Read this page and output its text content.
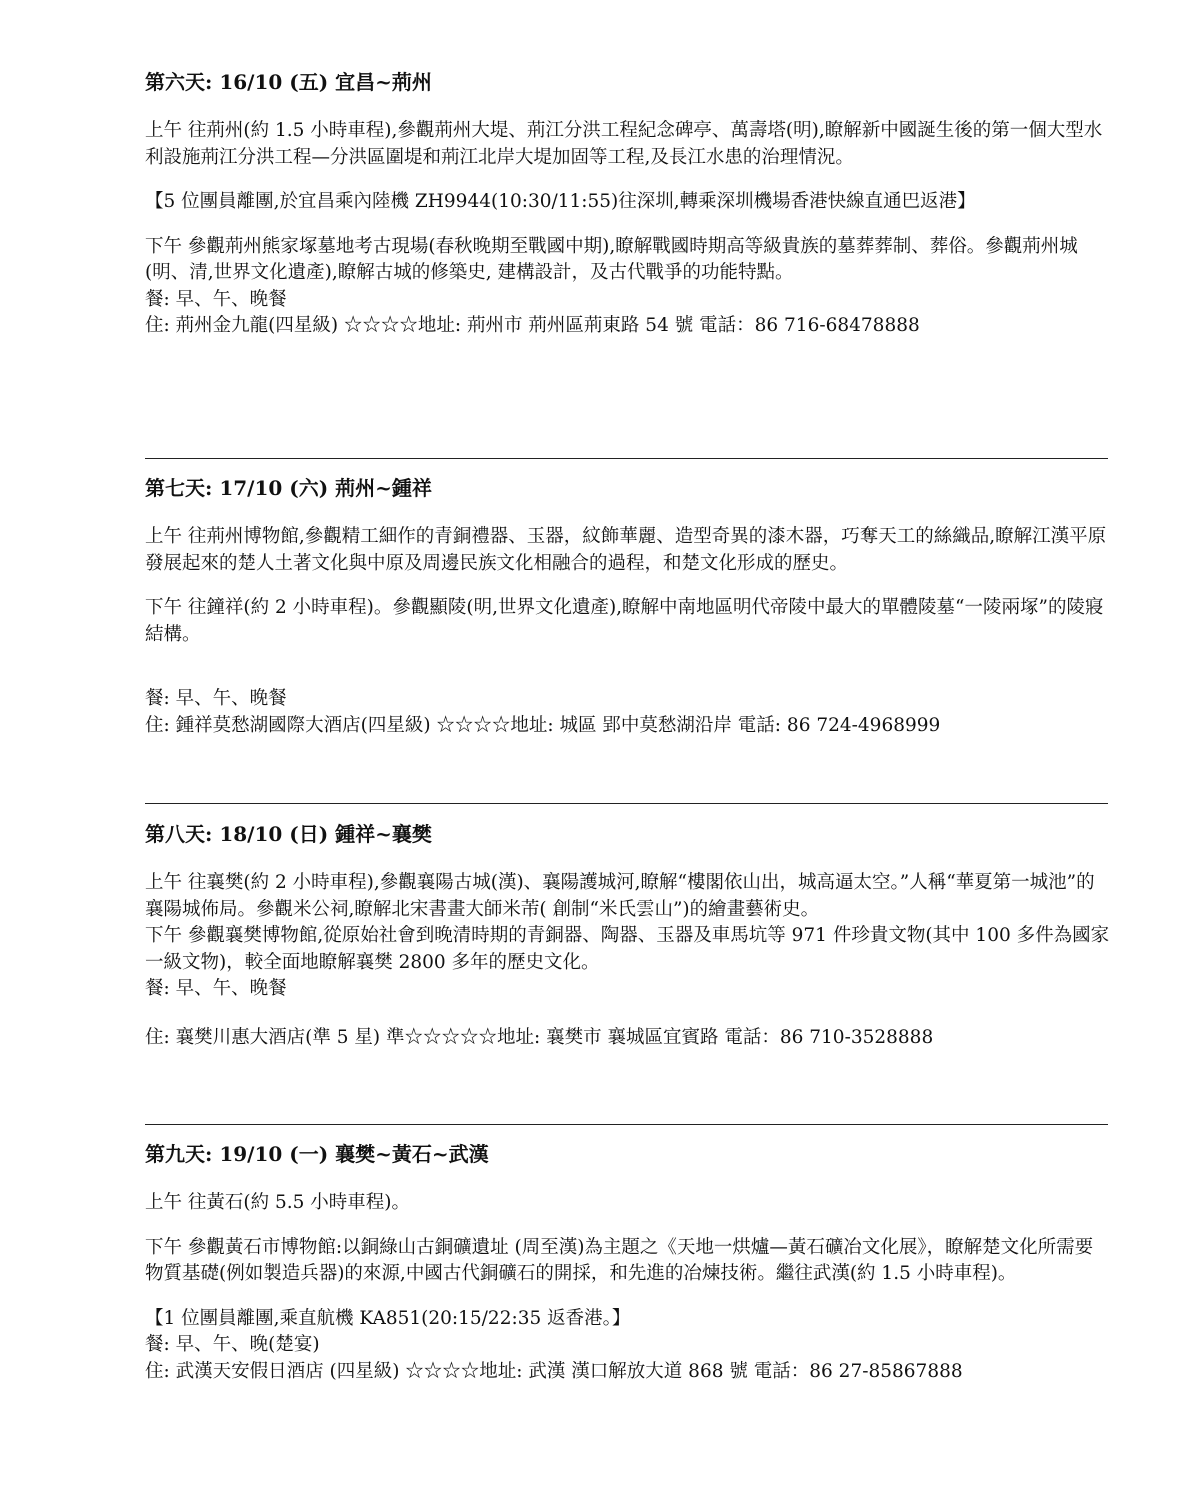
第六天: 16/10 (五) 宜昌~荊州

上午 往荊州(約 1.5 小時車程),參觀荊州大堤、荊江分洪工程紀念碑亭、萬壽塔(明),瞭解新中國誕生後的第一個大型水利設施荊江分洪工程—分洪區圍堤和荊江北岸大堤加固等工程,及長江水患的治理情況。

【5 位團員離團,於宜昌乘內陸機 ZH9944(10:30/11:55)往深圳,轉乘深圳機場香港快線直通巴返港】

下午 參觀荊州熊家塚墓地考古現場(春秋晚期至戰國中期),瞭解戰國時期高等級貴族的墓葬葬制、葬俗。參觀荊州城(明、清,世界文化遺產),瞭解古城的修築史, 建構設計，及古代戰爭的功能特點。

餐: 早、午、晚餐

住: 荊州金九龍(四星級) ☆☆☆☆地址: 荊州市 荊州區荊東路 54 號 電話：86 716-68478888

第七天: 17/10 (六) 荊州~鍾祥

上午 往荊州博物館,參觀精工細作的青銅禮器、玉器，紋飾華麗、造型奇異的漆木器，巧奪天工的絲織品,瞭解江漢平原發展起來的楚人土著文化與中原及周邊民族文化相融合的過程，和楚文化形成的歷史。

下午 往鐘祥(約 2 小時車程)。參觀顯陵(明,世界文化遺產),瞭解中南地區明代帝陵中最大的單體陵墓“一陵兩塚”的陵寢結構。

餐: 早、午、晚餐

住: 鍾祥莫愁湖國際大酒店(四星級) ☆☆☆☆地址: 城區 郢中莫愁湖沿岸 電話: 86 724-4968999

第八天: 18/10 (日) 鍾祥~襄樊

上午 往襄樊(約 2 小時車程),參觀襄陽古城(漢)、襄陽護城河,瞭解“樓閣依山出，城高逼太空。”人稱“華夏第一城池”的襄陽城佈局。參觀米公祠,瞭解北宋書畫大師米芾( 創制“米氏雲山”)的繪畫藝術史。

下午 參觀襄樊博物館,從原始社會到晚清時期的青銅器、陶器、玉器及車馬坑等 971 件珍貴文物(其中 100 多件為國家一級文物)，較全面地瞭解襄樊 2800 多年的歷史文化。

餐: 早、午、晚餐

住: 襄樊川惠大酒店(準 5 星) 準☆☆☆☆☆地址: 襄樊市 襄城區宜賓路 電話：86 710-3528888

第九天: 19/10 (一) 襄樊~黃石~武漢

上午 往黃石(約 5.5 小時車程)。

下午 參觀黃石市博物館:以銅綠山古銅礦遺址 (周至漢)為主題之《天地一烘爐—黃石礦冶文化展》，瞭解楚文化所需要物質基礎(例如製造兵器)的來源,中國古代銅礦石的開採，和先進的冶煉技術。繼往武漢(約 1.5 小時車程)。

【1 位團員離團,乘直航機 KA851(20:15/22:35 返香港。】

餐: 早、午、晚(楚宴)

住: 武漢天安假日酒店 (四星級) ☆☆☆☆地址: 武漢 漢口解放大道 868 號 電話：86 27-85867888
